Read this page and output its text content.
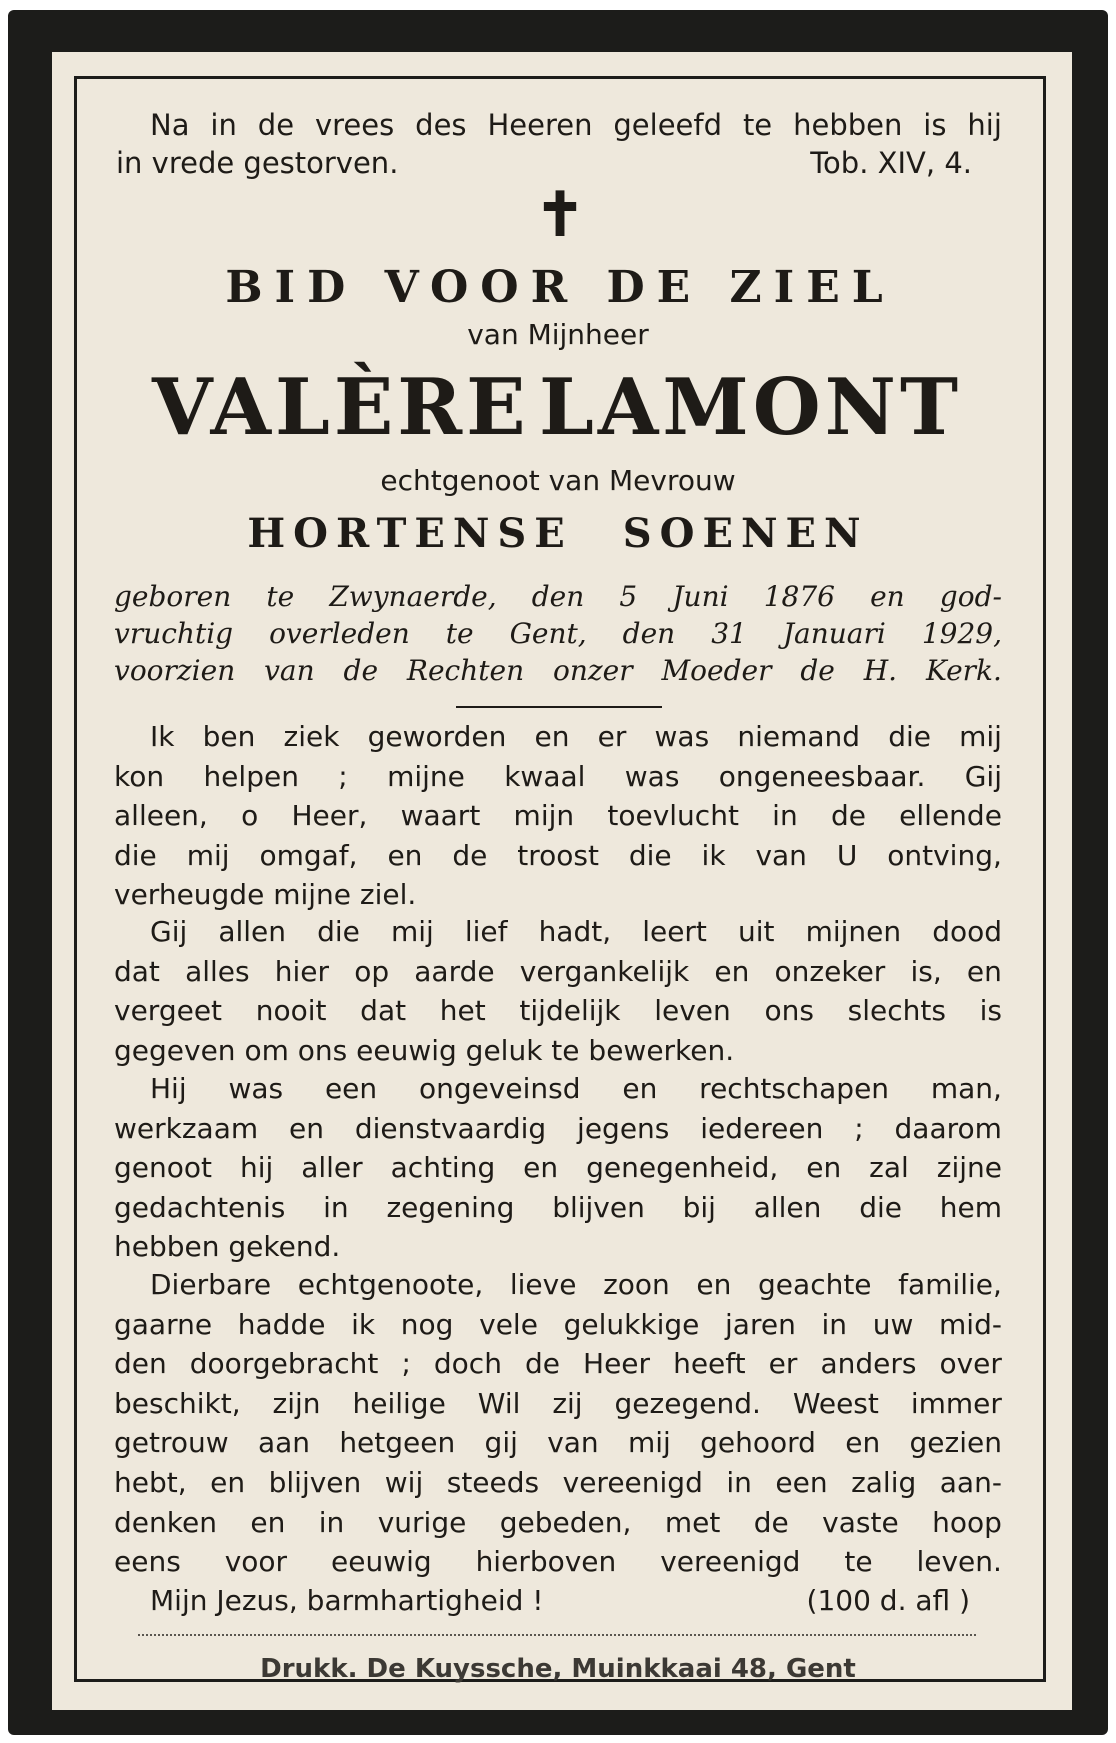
Na in de vrees des Heeren geleefd te hebben is hij
in vrede gestorven.	Tob. XIV, 4.
✝
BID VOOR DE ZIEL
van Mijnheer
VALÈRE LAMONT
echtgenoot van Mevrouw
HORTENSE SOENEN
geboren te Zwynaerde, den 5 Juni 1876 en god-
vruchtig overleden te Gent, den 31 Januari 1929,
voorzien van de Rechten onzer Moeder de H. Kerk.
Ik ben ziek geworden en er was niemand die mij
kon helpen ; mijne kwaal was ongeneesbaar. Gij
alleen, o Heer, waart mijn toevlucht in de ellende
die mij omgaf, en de troost die ik van U ontving,
verheugde mijne ziel.
Gij allen die mij lief hadt, leert uit mijnen dood
dat alles hier op aarde vergankelijk en onzeker is, en
vergeet nooit dat het tijdelijk leven ons slechts is
gegeven om ons eeuwig geluk te bewerken.
Hij was een ongeveinsd en rechtschapen man,
werkzaam en dienstvaardig jegens iedereen ; daarom
genoot hij aller achting en genegenheid, en zal zijne
gedachtenis in zegening blijven bij allen die hem
hebben gekend.
Dierbare echtgenoote, lieve zoon en geachte familie,
gaarne hadde ik nog vele gelukkige jaren in uw mid-
den doorgebracht ; doch de Heer heeft er anders over
beschikt, zijn heilige Wil zij gezegend. Weest immer
getrouw aan hetgeen gij van mij gehoord en gezien
hebt, en blijven wij steeds vereenigd in een zalig aan-
denken en in vurige gebeden, met de vaste hoop
eens voor eeuwig hierboven vereenigd te leven.
Mijn Jezus, barmhartigheid !	(100 d. afl )
Drukk. De Kuyssche, Muinkkaai 48, Gent
